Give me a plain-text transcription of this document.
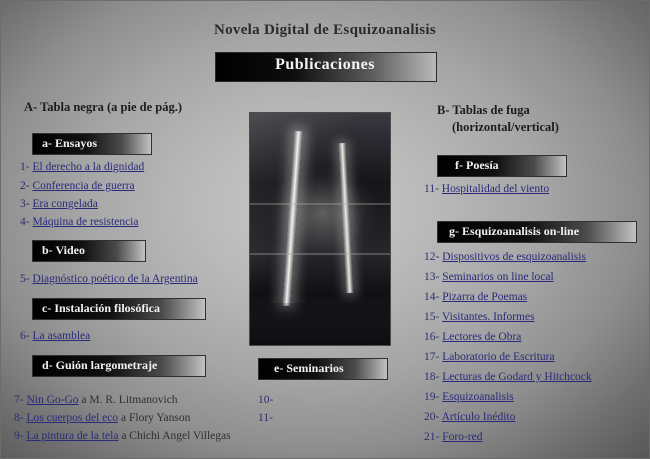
Novela Digital de Esquizoanalisis
Publicaciones
A- Tabla negra (a pie de pág.)	B- Tablas de fuga
(horizontal/vertical)
a- Ensayos
1- El derecho a la dignidad
2- Conferencia de guerra
3- Era congelada
4- Máquina de resistencia
b- Video
5- Diagnóstico poético de la Argentina
c- Instalación filosófica
6- La asamblea
d- Guión largometraje
7- Nin Go-Go a M. R. Litmanovich
8- Los cuerpos del eco a Flory Yanson
9- La pintura de la tela a Chichi Angel Villegas
e- Seminarios
10- Kafka
11- El plano de Borges.
f- Poesía
11- Hospitalidad del viento
g- Esquizoanalisis on-line
12- Dispositivos de esquizoanalisis
13- Seminarios on line local
14- Pizarra de Poemas
15- Visitantes. Informes
16- Lectores de Obra
17- Laboratorio de Escritura
18- Lecturas de Godard y Hitchcock
19- Esquizoanalisis
20- Artículo Inédito
21- Foro-red
